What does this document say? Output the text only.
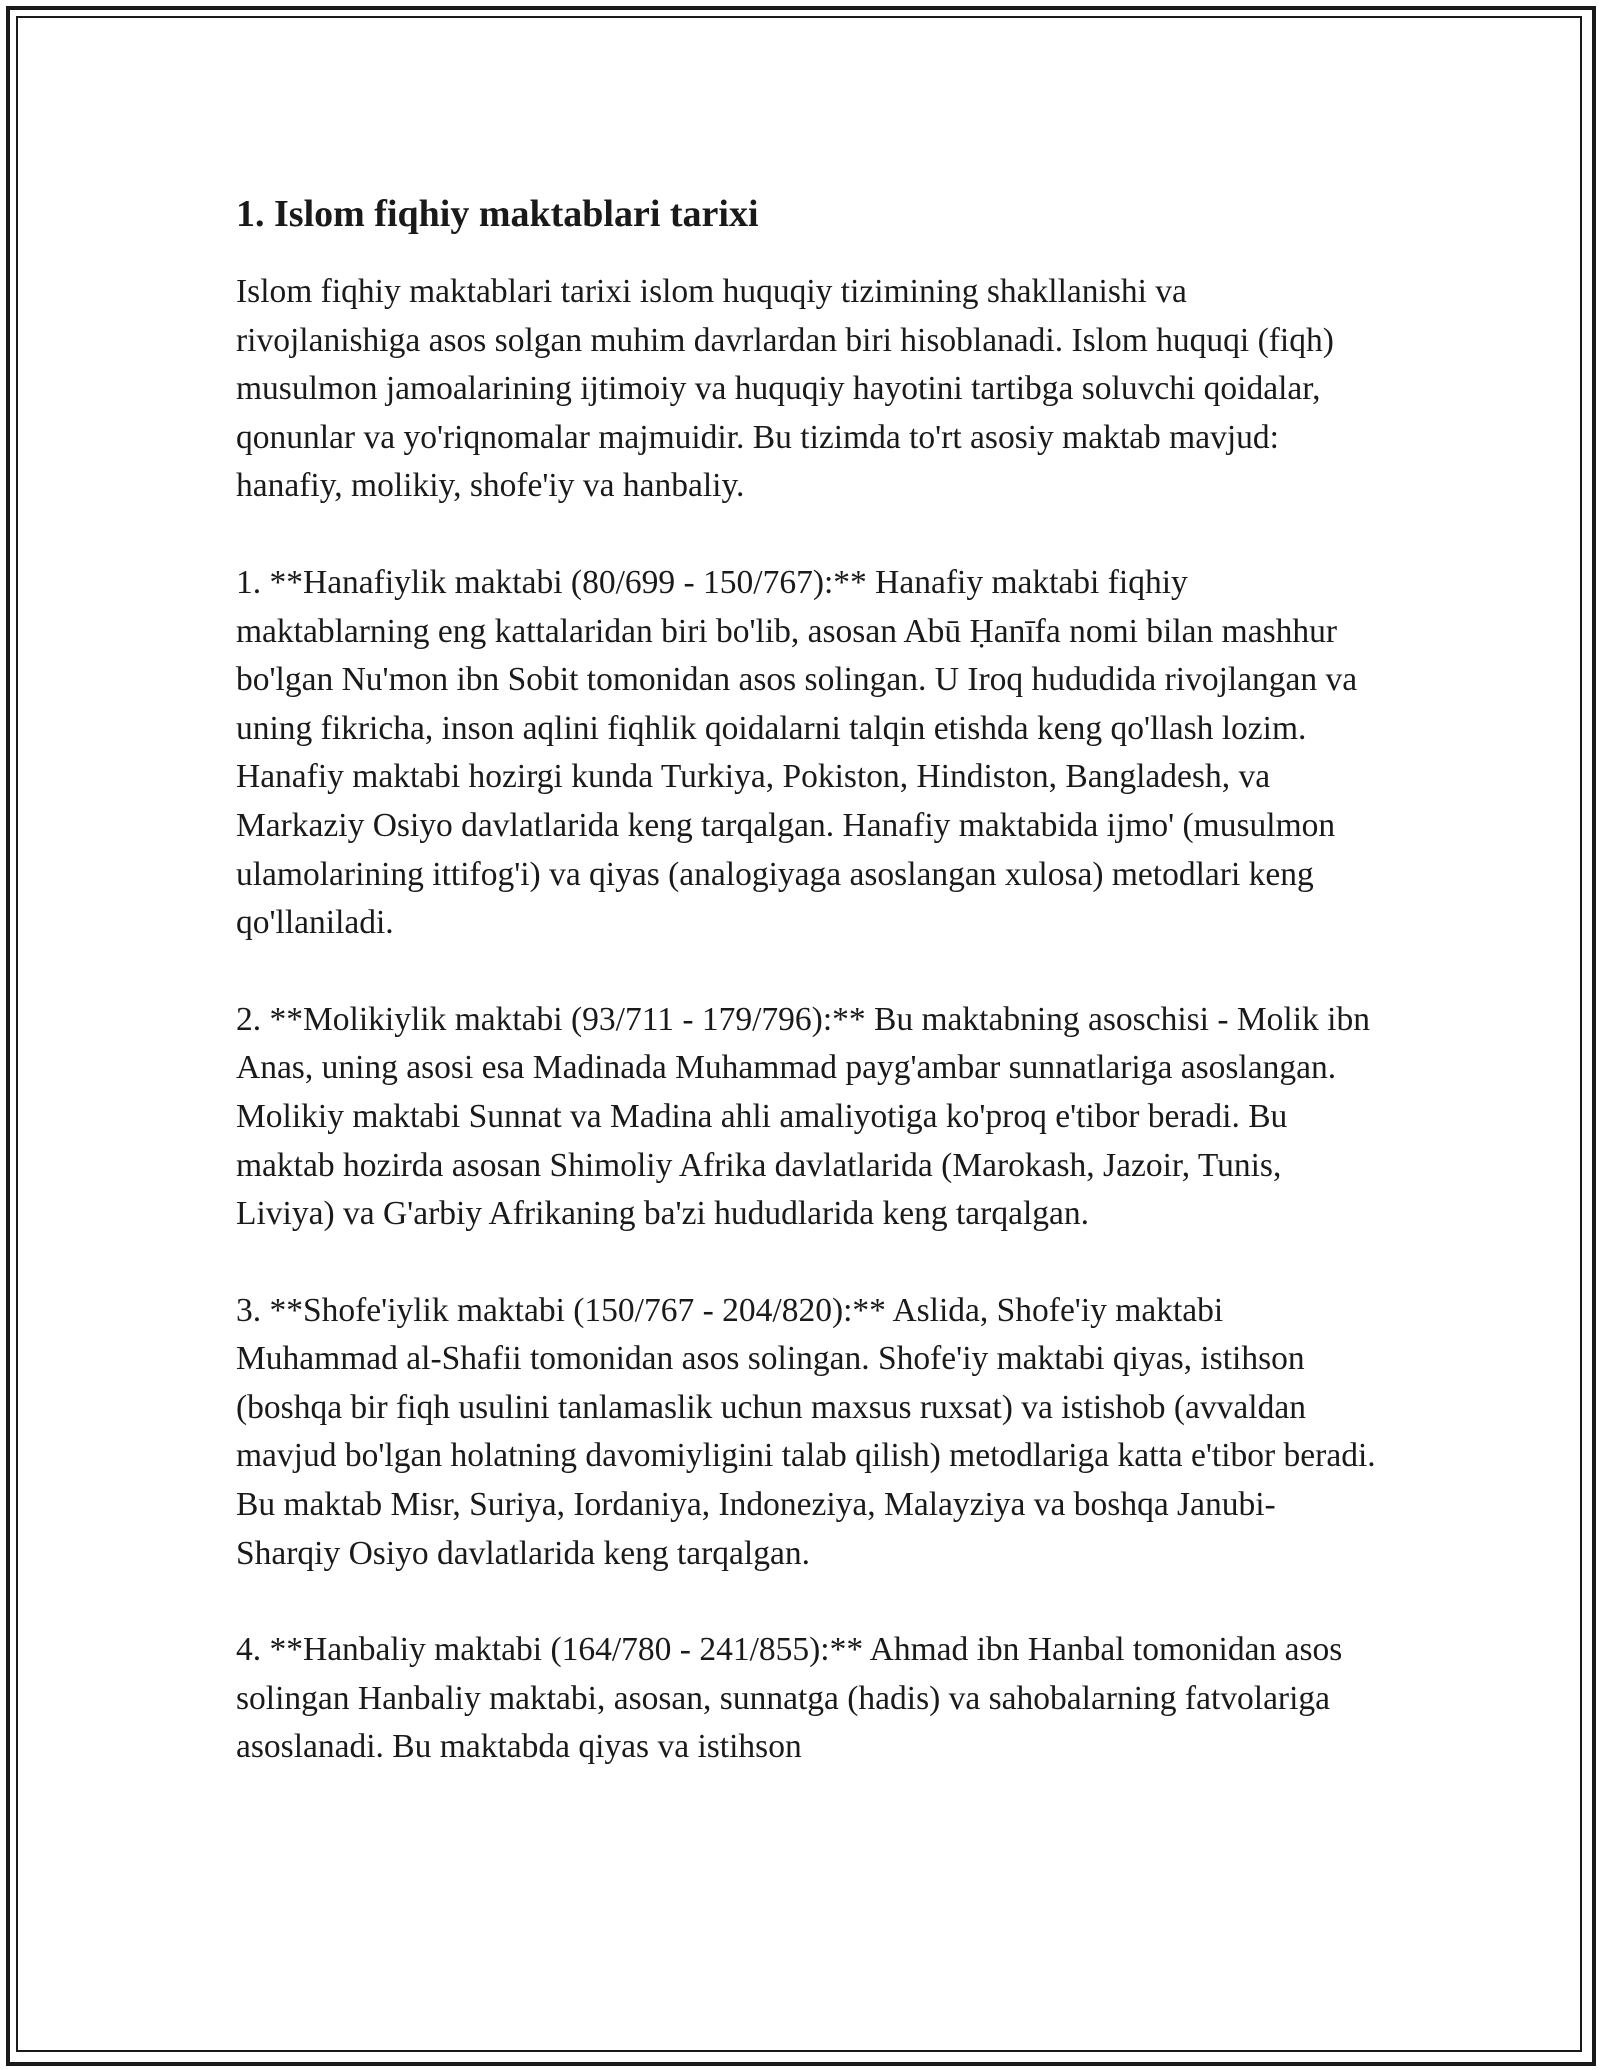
1. Islom fiqhiy maktablari tarixi

Islom fiqhiy maktablari tarixi islom huquqiy tizimining shakllanishi va rivojlanishiga asos solgan muhim davrlardan biri hisoblanadi. Islom huquqi (fiqh) musulmon jamoalarining ijtimoiy va huquqiy hayotini tartibga soluvchi qoidalar, qonunlar va yo'riqnomalar majmuidir. Bu tizimda to'rt asosiy maktab mavjud: hanafiy, molikiy, shofe'iy va hanbaliy.

1. **Hanafiylik maktabi (80/699 - 150/767):** Hanafiy maktabi fiqhiy maktablarning eng kattalaridan biri bo'lib, asosan Abū Ḥanīfa nomi bilan mashhur bo'lgan Nu'mon ibn Sobit tomonidan asos solingan. U Iroq hududida rivojlangan va uning fikricha, inson aqlini fiqhlik qoidalarni talqin etishda keng qo'llash lozim. Hanafiy maktabi hozirgi kunda Turkiya, Pokiston, Hindiston, Bangladesh, va Markaziy Osiyo davlatlarida keng tarqalgan. Hanafiy maktabida ijmo' (musulmon ulamolarining ittifog'i) va qiyas (analogiyaga asoslangan xulosa) metodlari keng qo'llaniladi.

2. **Molikiylik maktabi (93/711 - 179/796):** Bu maktabning asoschisi - Molik ibn Anas, uning asosi esa Madinada Muhammad payg'ambar sunnatlariga asoslangan. Molikiy maktabi Sunnat va Madina ahli amaliyotiga ko'proq e'tibor beradi. Bu maktab hozirda asosan Shimoliy Afrika davlatlarida (Marokash, Jazoir, Tunis, Liviya) va G'arbiy Afrikaning ba'zi hududlarida keng tarqalgan.

3. **Shofe'iylik maktabi (150/767 - 204/820):** Aslida, Shofe'iy maktabi Muhammad al-Shafii tomonidan asos solingan. Shofe'iy maktabi qiyas, istihson (boshqa bir fiqh usulini tanlamaslik uchun maxsus ruxsat) va istishob (avvaldan mavjud bo'lgan holatning davomiyligini talab qilish) metodlariga katta e'tibor beradi. Bu maktab Misr, Suriya, Iordaniya, Indoneziya, Malayziya va boshqa Janubi-Sharqiy Osiyo davlatlarida keng tarqalgan.

4. **Hanbaliy maktabi (164/780 - 241/855):** Ahmad ibn Hanbal tomonidan asos solingan Hanbaliy maktabi, asosan, sunnatga (hadis) va sahobalarning fatvolariga asoslanadi. Bu maktabda qiyas va istihson
